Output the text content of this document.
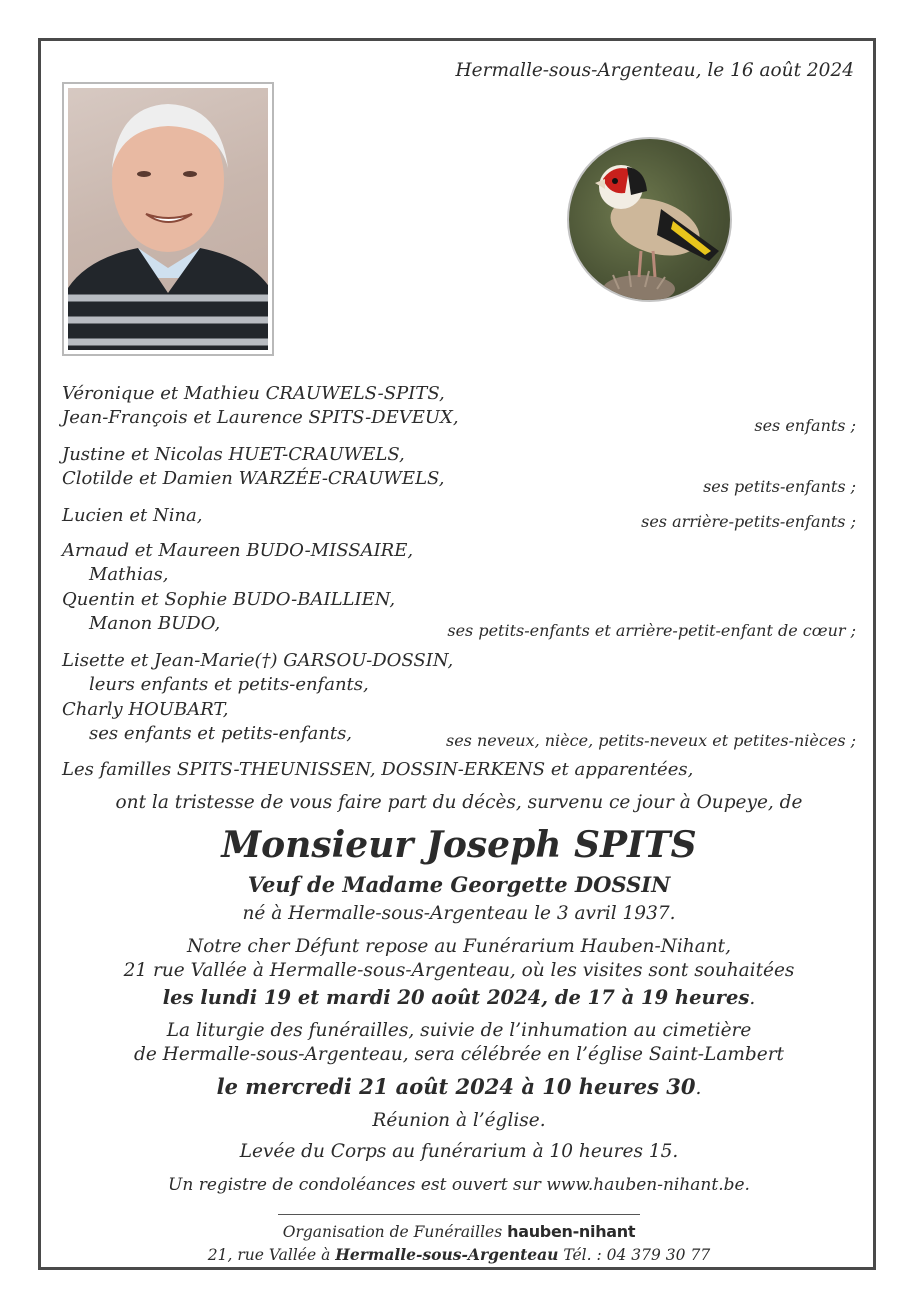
Hermalle-sous-Argenteau, le 16 août 2024
Véronique et Mathieu CRAUWELS-SPITS,
Jean-François et Laurence SPITS-DEVEUX,
Justine et Nicolas HUET-CRAUWELS,
Clotilde et Damien WARZÉE-CRAUWELS,
Lucien et Nina,
Arnaud et Maureen BUDO-MISSAIRE,
Mathias,
Quentin et Sophie BUDO-BAILLIEN,
Manon BUDO,
Lisette et Jean-Marie(†) GARSOU-DOSSIN,
leurs enfants et petits-enfants,
Charly HOUBART,
ses enfants et petits-enfants,
Les familles SPITS-THEUNISSEN, DOSSIN-ERKENS et apparentées,
ses enfants ;
ses petits-enfants ;
ses arrière-petits-enfants ;
ses petits-enfants et arrière-petit-enfant de cœur ;
ses neveux, nièce, petits-neveux et petites-nièces ;
ont la tristesse de vous faire part du décès, survenu ce jour à Oupeye, de
Monsieur Joseph SPITS
Veuf de Madame Georgette DOSSIN
né à Hermalle-sous-Argenteau le 3 avril 1937.
Notre cher Défunt repose au Funérarium Hauben-Nihant,
21 rue Vallée à Hermalle-sous-Argenteau, où les visites sont souhaitées
les lundi 19 et mardi 20 août 2024, de 17 à 19 heures.
La liturgie des funérailles, suivie de l’inhumation au cimetière
de Hermalle-sous-Argenteau, sera célébrée en l’église Saint-Lambert
le mercredi 21 août 2024 à 10 heures 30.
Réunion à l’église.
Levée du Corps au funérarium à 10 heures 15.
Un registre de condoléances est ouvert sur www.hauben-nihant.be.
Organisation de Funérailles hauben-nihant
21, rue Vallée à Hermalle-sous-Argenteau Tél. : 04 379 30 77
